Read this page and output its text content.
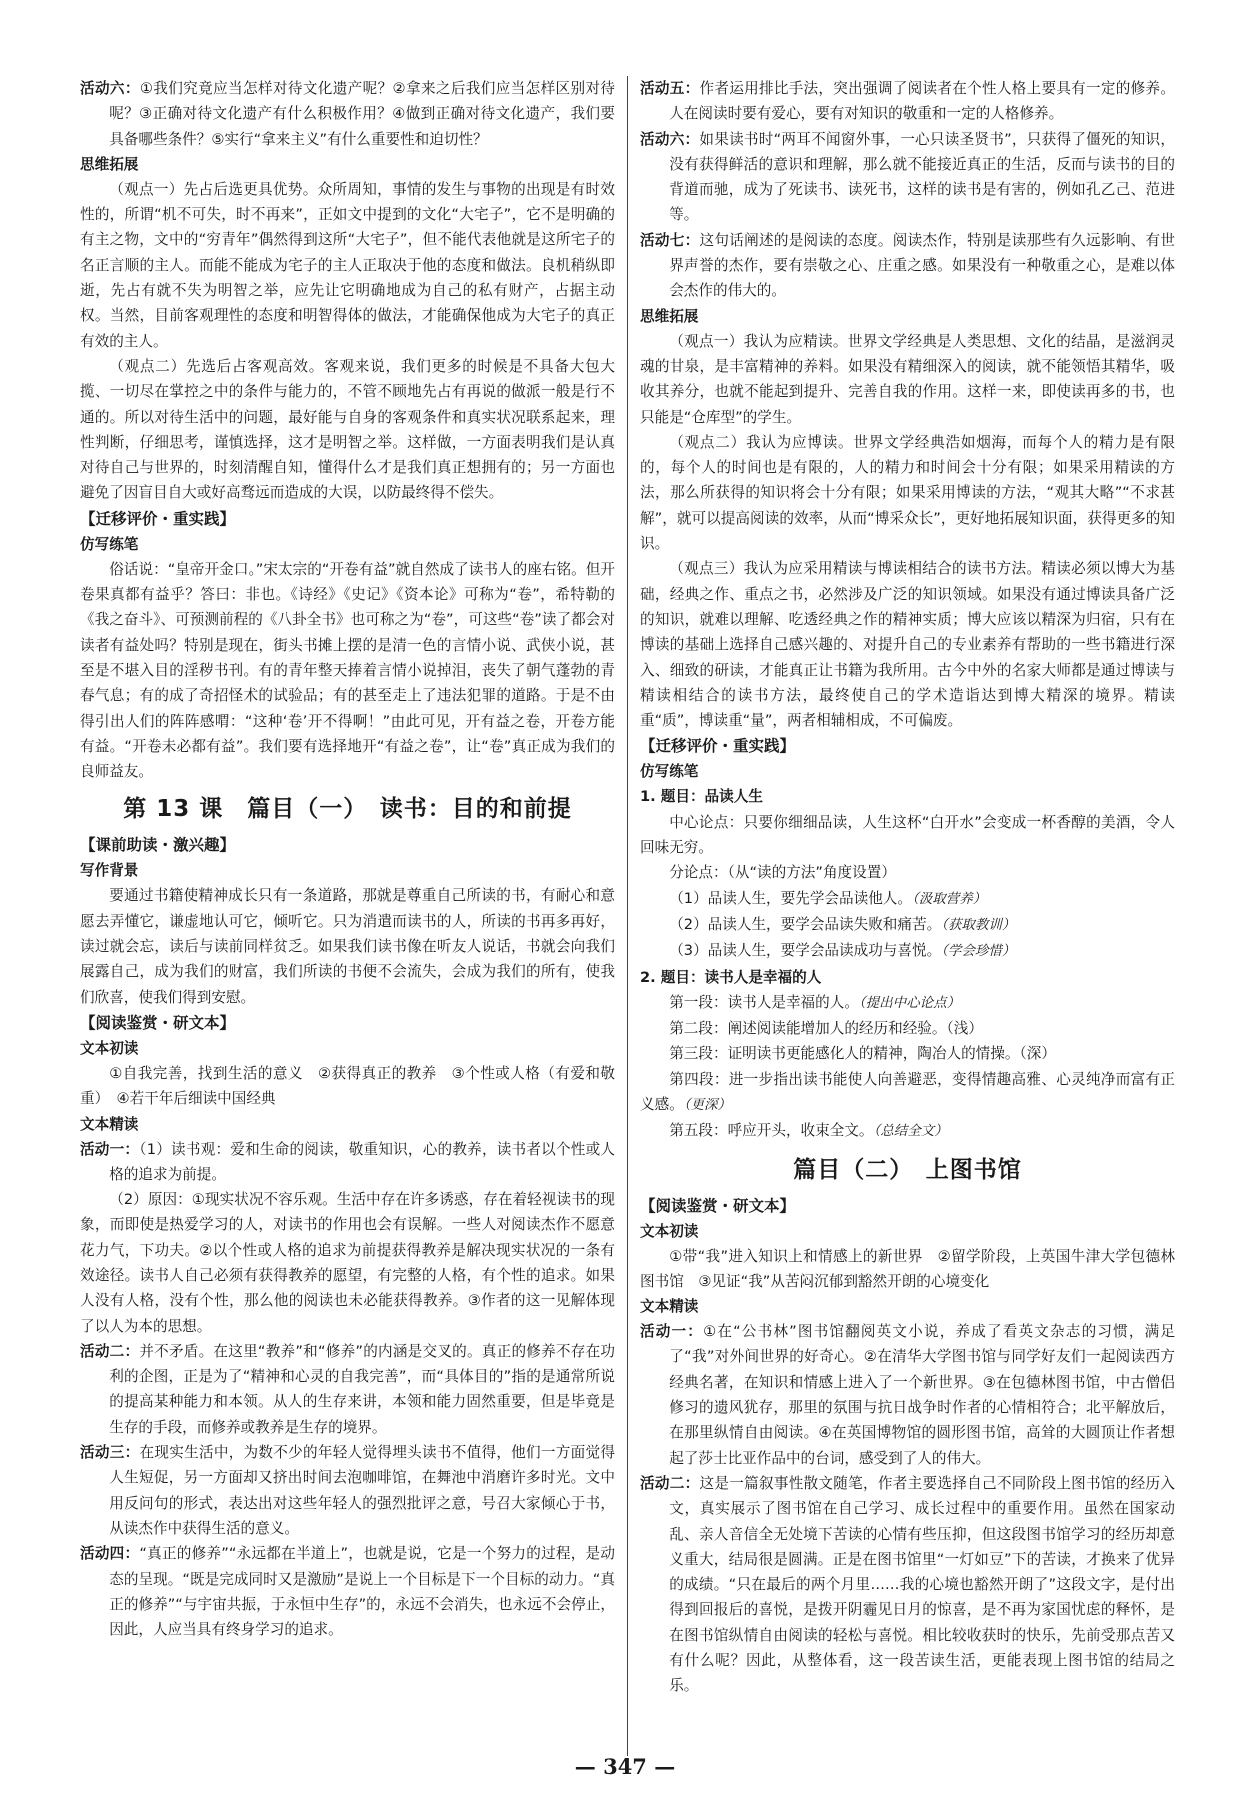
活动六：①我们究竟应当怎样对待文化遗产呢？②拿来之后我们应当怎样区别对待呢？③正确对待文化遗产有什么积极作用？④做到正确对待文化遗产，我们要具备哪些条件？⑤实行“拿来主义”有什么重要性和迫切性？

思维拓展

（观点一）先占后选更具优势。众所周知，事情的发生与事物的出现是有时效性的，所谓“机不可失，时不再来”，正如文中提到的文化“大宅子”，它不是明确的有主之物，文中的“穷青年”偶然得到这所“大宅子”，但不能代表他就是这所宅子的名正言顺的主人。而能不能成为宅子的主人正取决于他的态度和做法。良机稍纵即逝，先占有就不失为明智之举，应先让它明确地成为自己的私有财产，占据主动权。当然，目前客观理性的态度和明智得体的做法，才能确保他成为大宅子的真正有效的主人。

（观点二）先选后占客观高效。客观来说，我们更多的时候是不具备大包大揽、一切尽在掌控之中的条件与能力的，不管不顾地先占有再说的做派一般是行不通的。所以对待生活中的问题，最好能与自身的客观条件和真实状况联系起来，理性判断，仔细思考，谨慎选择，这才是明智之举。这样做，一方面表明我们是认真对待自己与世界的，时刻清醒自知，懂得什么才是我们真正想拥有的；另一方面也避免了因盲目自大或好高骛远而造成的大误，以防最终得不偿失。

【迁移评价・重实践】

仿写练笔

俗话说：“皇帝开金口。”宋太宗的“开卷有益”就自然成了读书人的座右铭。但开卷果真都有益乎？答曰：非也。《诗经》《史记》《资本论》可称为“卷”，希特勒的《我之奋斗》、可预测前程的《八卦全书》也可称之为“卷”，可这些“卷”读了都会对读者有益处吗？特别是现在，街头书摊上摆的是清一色的言情小说、武侠小说，甚至是不堪入目的淫秽书刊。有的青年整天捧着言情小说掉泪，丧失了朝气蓬勃的青春气息；有的成了奇招怪术的试验品；有的甚至走上了违法犯罪的道路。于是不由得引出人们的阵阵感喟：“这种‘卷’开不得啊！”由此可见，开有益之卷，开卷方能有益。“开卷未必都有益”。我们要有选择地开“有益之卷”，让“卷”真正成为我们的良师益友。

第 13 课　篇目（一）　读书：目的和前提

【课前助读・激兴趣】

写作背景

要通过书籍使精神成长只有一条道路，那就是尊重自己所读的书，有耐心和意愿去弄懂它，谦虚地认可它，倾听它。只为消遣而读书的人，所读的书再多再好，读过就会忘，读后与读前同样贫乏。如果我们读书像在听友人说话，书就会向我们展露自己，成为我们的财富，我们所读的书便不会流失，会成为我们的所有，使我们欣喜，使我们得到安慰。

【阅读鉴赏・研文本】

文本初读

①自我完善，找到生活的意义　②获得真正的教养　③个性或人格（有爱和敬重）　④若干年后细读中国经典

文本精读

活动一：（1）读书观：爱和生命的阅读，敬重知识，心的教养，读书者以个性或人格的追求为前提。

（2）原因：①现实状况不容乐观。生活中存在许多诱惑，存在着轻视读书的现象，而即使是热爱学习的人，对读书的作用也会有误解。一些人对阅读杰作不愿意花力气，下功夫。②以个性或人格的追求为前提获得教养是解决现实状况的一条有效途径。读书人自己必须有获得教养的愿望，有完整的人格，有个性的追求。如果人没有人格，没有个性，那么他的阅读也未必能获得教养。③作者的这一见解体现了以人为本的思想。

活动二：并不矛盾。在这里“教养”和“修养”的内涵是交叉的。真正的修养不存在功利的企图，正是为了“精神和心灵的自我完善”，而“具体目的”指的是通常所说的提高某种能力和本领。从人的生存来讲，本领和能力固然重要，但是毕竟是生存的手段，而修养或教养是生存的境界。

活动三：在现实生活中，为数不少的年轻人觉得埋头读书不值得，他们一方面觉得人生短促，另一方面却又挤出时间去泡咖啡馆，在舞池中消磨许多时光。文中用反问句的形式，表达出对这些年轻人的强烈批评之意，号召大家倾心于书，从读杰作中获得生活的意义。

活动四：“真正的修养”“永远都在半道上”，也就是说，它是一个努力的过程，是动态的呈现。“既是完成同时又是激励”是说上一个目标是下一个目标的动力。“真正的修养”“与宇宙共振，于永恒中生存”的，永远不会消失，也永远不会停止，因此，人应当具有终身学习的追求。

活动五：作者运用排比手法，突出强调了阅读者在个性人格上要具有一定的修养。人在阅读时要有爱心，要有对知识的敬重和一定的人格修养。

活动六：如果读书时“两耳不闻窗外事，一心只读圣贤书”，只获得了僵死的知识，没有获得鲜活的意识和理解，那么就不能接近真正的生活，反而与读书的目的背道而驰，成为了死读书、读死书，这样的读书是有害的，例如孔乙己、范进等。

活动七：这句话阐述的是阅读的态度。阅读杰作，特别是读那些有久远影响、有世界声誉的杰作，要有崇敬之心、庄重之感。如果没有一种敬重之心，是难以体会杰作的伟大的。

思维拓展

（观点一）我认为应精读。世界文学经典是人类思想、文化的结晶，是滋润灵魂的甘泉，是丰富精神的养料。如果没有精细深入的阅读，就不能领悟其精华，吸收其养分，也就不能起到提升、完善自我的作用。这样一来，即使读再多的书，也只能是“仓库型”的学生。

（观点二）我认为应博读。世界文学经典浩如烟海，而每个人的精力是有限的，每个人的时间也是有限的，人的精力和时间会十分有限；如果采用精读的方法，那么所获得的知识将会十分有限；如果采用博读的方法，“观其大略”“不求甚解”，就可以提高阅读的效率，从而“博采众长”，更好地拓展知识面，获得更多的知识。

（观点三）我认为应采用精读与博读相结合的读书方法。精读必须以博大为基础，经典之作、重点之书，必然涉及广泛的知识领域。如果没有通过博读具备广泛的知识，就难以理解、吃透经典之作的精神实质；博大应该以精深为归宿，只有在博读的基础上选择自己感兴趣的、对提升自己的专业素养有帮助的一些书籍进行深入、细致的研读，才能真正让书籍为我所用。古今中外的名家大师都是通过博读与精读相结合的读书方法，最终使自己的学术造诣达到博大精深的境界。精读重“质”，博读重“量”，两者相辅相成，不可偏废。

【迁移评价・重实践】

仿写练笔

1. 题目：品读人生

中心论点：只要你细细品读，人生这杯“白开水”会变成一杯香醇的美酒，令人回味无穷。

分论点：（从“读的方法”角度设置）

（1）品读人生，要先学会品读他人。（汲取营养）

（2）品读人生，要学会品读失败和痛苦。（获取教训）

（3）品读人生，要学会品读成功与喜悦。（学会珍惜）

2. 题目：读书人是幸福的人

第一段：读书人是幸福的人。（提出中心论点）

第二段：阐述阅读能增加人的经历和经验。（浅）

第三段：证明读书更能感化人的精神，陶冶人的情操。（深）

第四段：进一步指出读书能使人向善避恶，变得情趣高雅、心灵纯净而富有正义感。（更深）

第五段：呼应开头，收束全文。（总结全文）

篇目（二）　上图书馆

【阅读鉴赏・研文本】

文本初读

①带“我”进入知识上和情感上的新世界　②留学阶段，上英国牛津大学包德林图书馆　③见证“我”从苦闷沉郁到豁然开朗的心境变化

文本精读

活动一：①在“公书林”图书馆翻阅英文小说，养成了看英文杂志的习惯，满足了“我”对外间世界的好奇心。②在清华大学图书馆与同学好友们一起阅读西方经典名著，在知识和情感上进入了一个新世界。③在包德林图书馆，中古僧侣修习的遗风犹存，那里的氛围与抗日战争时作者的心情相符合；北平解放后，在那里纵情自由阅读。④在英国博物馆的圆形图书馆，高耸的大圆顶让作者想起了莎士比亚作品中的台词，感受到了人的伟大。

活动二：这是一篇叙事性散文随笔，作者主要选择自己不同阶段上图书馆的经历入文，真实展示了图书馆在自己学习、成长过程中的重要作用。虽然在国家动乱、亲人音信全无处境下苦读的心情有些压抑，但这段图书馆学习的经历却意义重大，结局很是圆满。正是在图书馆里“一灯如豆”下的苦读，才换来了优异的成绩。“只在最后的两个月里……我的心境也豁然开朗了”这段文字，是付出得到回报后的喜悦，是拨开阴霾见日月的惊喜，是不再为家国忧虑的释怀，是在图书馆纵情自由阅读的轻松与喜悦。相比较收获时的快乐，先前受那点苦又有什么呢？因此，从整体看，这一段苦读生活，更能表现上图书馆的结局之乐。

— 347 —
